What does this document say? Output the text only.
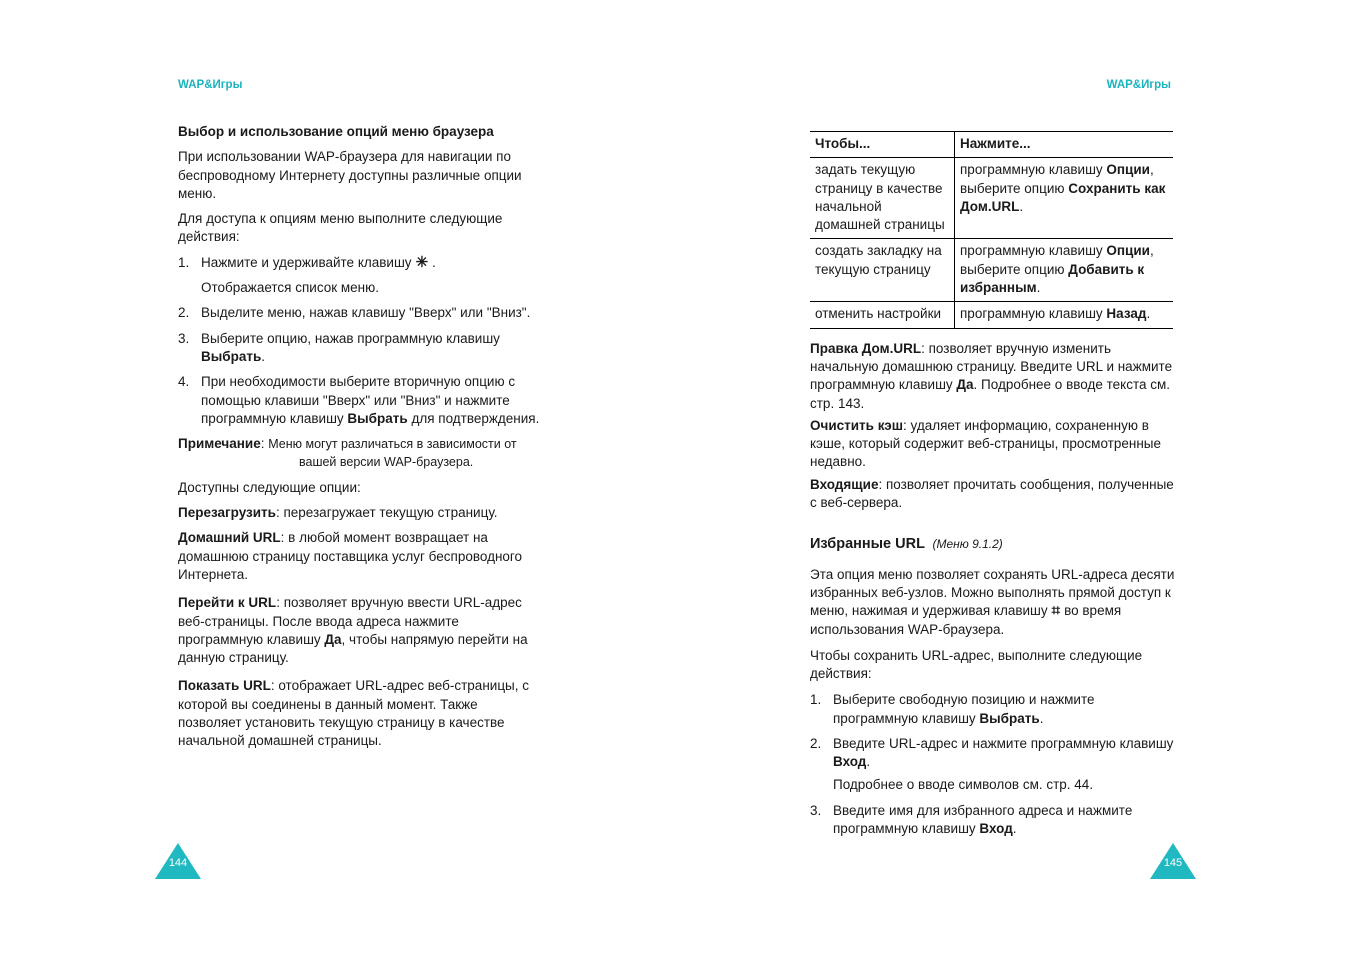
WAP&Игры

Выбор и использование опций меню браузера

При использовании WAP-браузера для навигации по беспроводному Интернету доступны различные опции меню.

Для доступа к опциям меню выполните следующие действия:

1. Нажмите и удерживайте клавишу ✳ .
Отображается список меню.
2. Выделите меню, нажав клавишу "Вверх" или "Вниз".
3. Выберите опцию, нажав программную клавишу Выбрать.
4. При необходимости выберите вторичную опцию с помощью клавиши "Вверх" или "Вниз" и нажмите программную клавишу Выбрать для подтверждения.
Примечание: Меню могут различаться в зависимости от
вашей версии WAP-браузера.

Доступны следующие опции:

Перезагрузить: перезагружает текущую страницу.

Домашний URL: в любой момент возвращает на домашнюю страницу поставщика услуг беспроводного Интернета.

Перейти к URL: позволяет вручную ввести URL-адрес веб-страницы. После ввода адреса нажмите программную клавишу Да, чтобы напрямую перейти на данную страницу.

Показать URL: отображает URL-адрес веб-страницы, с которой вы соединены в данный момент. Также позволяет установить текущую страницу в качестве начальной домашней страницы.

144
WAP&Игры
Чтобы...	Нажмите...
задать текущую страницу в качестве начальной домашней страницы	программную клавишу Опции, выберите опцию Сохранить как Дом.URL.
создать закладку на текущую страницу	программную клавишу Опции, выберите опцию Добавить к избранным.
отменить настройки	программную клавишу Назад.

Правка Дом.URL: позволяет вручную изменить начальную домашнюю страницу. Введите URL и нажмите программную клавишу Да. Подробнее о вводе текста см. стр. 143.

Очистить кэш: удаляет информацию, сохраненную в кэше, который содержит веб-страницы, просмотренные недавно.

Входящие: позволяет прочитать сообщения, полученные с веб-сервера.

Избранные URL (Меню 9.1.2)

Эта опция меню позволяет сохранять URL-адреса десяти избранных веб-узлов. Можно выполнять прямой доступ к меню, нажимая и удерживая клавишу ⌗ во время использования WAP-браузера.

Чтобы сохранить URL-адрес, выполните следующие действия:

1. Выберите свободную позицию и нажмите программную клавишу Выбрать.
2. Введите URL-адрес и нажмите программную клавишу Вход.
Подробнее о вводе символов см. стр. 44.
3. Введите имя для избранного адреса и нажмите программную клавишу Вход.
145
